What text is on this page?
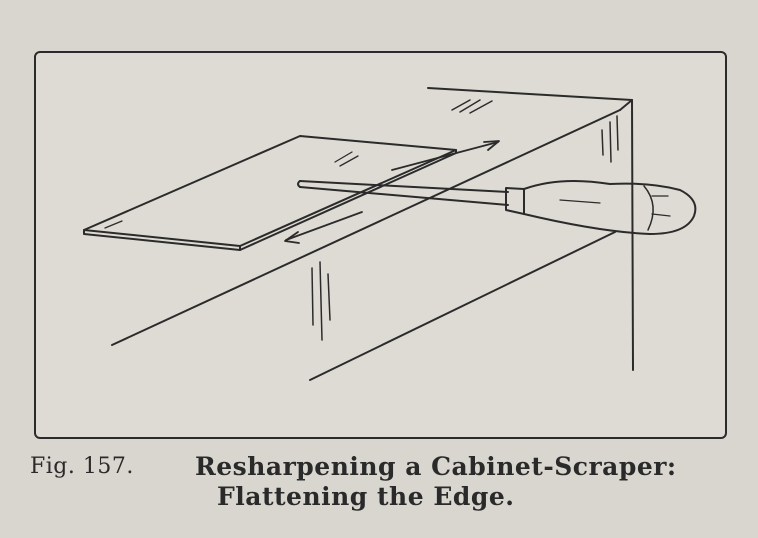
Fig. 157.	Resharpening a Cabinet-Scraper:
Flattening the Edge.
